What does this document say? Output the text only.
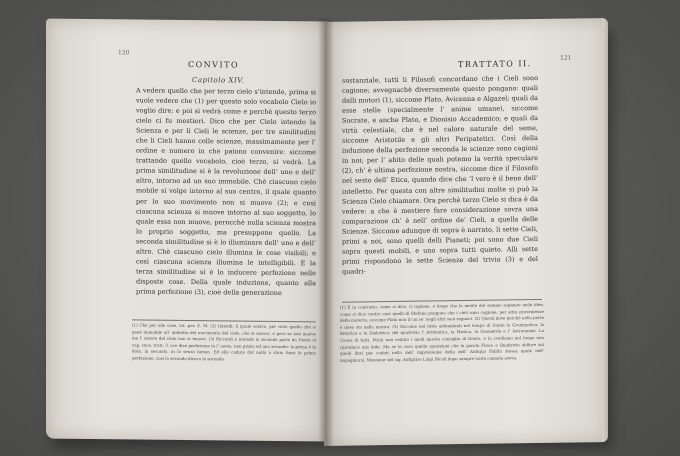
120
CONVITO
Capitolo XIV.

A vedere quello che per terzo cielo s’intende, prima si vuole vedere che (1) per questo solo vocabolo Cielo io voglio dire: e poi si vedrà come e perchè questo terzo cielo ci fu mestieri. Dico che per Cielo intendo la Scienza e per li Cieli le scienze, per tre similitudini che li Cieli hanno colle scienze, massimamente per l’ ordine e numero in che paiono convenire: siccome trattando quello vocabolo, cioè terzo, si vedrà. La prima similitudine si è la revoluzione dell’ uno e dell’ altro, intorno ad un suo immobile. Chè ciascuno cielo mobile si volge intorno al suo centro, il quale quanto per lo suo movimento non si muove (2); e così ciascuna scienza si muove intorno al suo soggetto, lo quale essa non muove, perocchè nulla scienza mostra lo proprio soggetto, ma presuppone quello. La seconda similitudine si è lo illuminare dell’ uno e dell’ altro. Chè ciascuno cielo illumina le cose visibili; e così ciascuna scienza illumina le intelligibili. E la terza similitudine si è lo inducere perfezione nelle disposte cose. Della quale induzione, quanto alla prima perfezione (3), cioè della generazione

(1) Che per elle cose, lat. per. E. M. (2) Intendi: il quale centro, per virtù quello che si pone immobile all’ obbietto del movimento del cielo, che si muove, e però se non muove ma l’ essere del cielo non si muove. (3) Riccardi e intende la seconda parte da Dante al cap. cece. tratt. 3. ove dice perfezione in l’ uomo, non prima ed una seconda: la prima è la data, la seconda, in la senza lumen. Ed ella caduto dal nulla a stato fuori la prima perfezione, cosi la seconda diceva la seconda.
TRATTATO II.
121

sostanziale, tutti li Filosofi concordano che i Cieli sono cagione; avvegnachè diversamente questo pongano: quali dalli motori (1), siccome Plato, Avicenna e Algazel; quali da esse stelle (specialmente l’ anime umane), siccome Socrate, e anche Plato, e Dionisio Accademico; e quali da virtù celestiale, che è nel calore naturale del seme, siccome Aristotile e gli altri Peripatetici. Così della induzione della perfezione seconda le scienze sono cagioni in noi; per l’ abito delle quali potemo la verità speculare (2), ch’ è ultima perfezione nostra, siccome dice il Filosofo nel sesto dell’ Etica, quando dice che ’l vero è il bene dell’ intelletto. Per questa con altre similitudini molte si può la Scienza Cielo chiamare. Ora perchè terzo Cielo si dica è da vedere: a che è mestiere fare considerazione sovra una comparazione ch’ è nell’ ordine de’ Cieli, a quella delle Scienze. Siccome adunque di sopra è narrato, li sette Cieli, primi a noi, sono quelli delli Pianeti; poi sono due Cieli sopra questi mobili, e uno sopra tutti quieto. Alli sette primi rispondono le sette Scienze del trivio (3) e del quadri-

(1) E in contrario, come si dice, il cagione, e luogo che la mente del sommo sapiente nelle idee, come si dice contro cioè quelli di Stefano pongono che i cieli sono cagione; per altre provenienze della materia, siccome Plato non il cui se’ negli altri suoi seguaci. (2) Questi dove perchè nella parte è dove sta nella natura. (3) Siccome nel tutte abbondanti nel tempo di Dante la Grammatica, la Retorica e la Dialettica; del quadrivio l’ Aritmetica, la Musica, la Geometria e l’ Astronomia. La Causa di tutti. Poich non veduto i modi questo consiglio di Dante, e la crediamo nel luogo non riproduce mis fede. Ma se la cosa quella sposizioni che la parola Fisica e Quadrivio aldhire sui quelli libri per caduti nella dell’ impressione della dell’ Antiqua Fallita stessa quale nell’ impaginarsi, Monsieur del sig. Antipriso Luigi Nicoli dopo sempre tantu comoda aveva.
